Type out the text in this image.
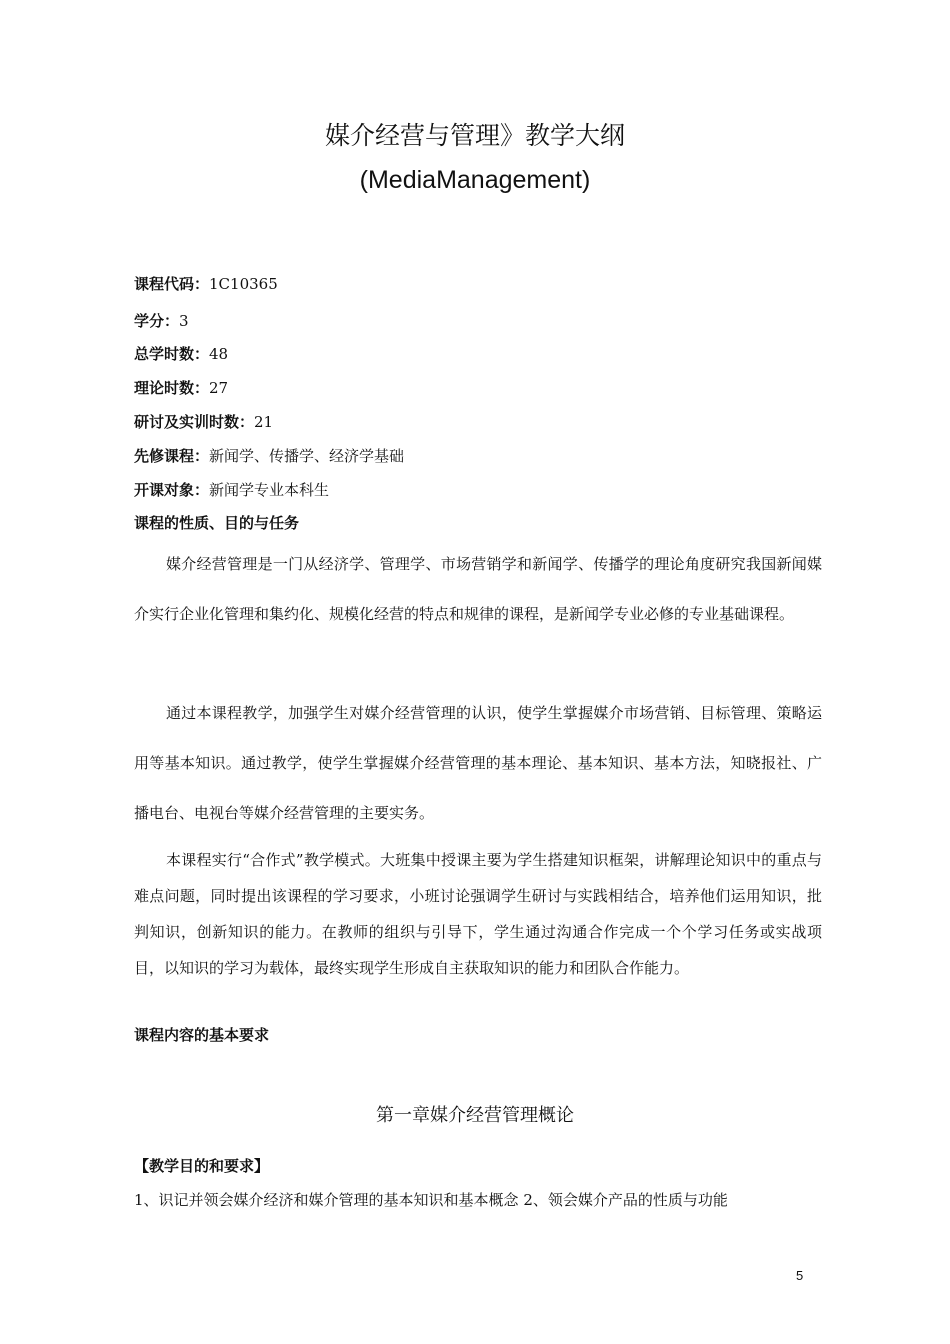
媒介经营与管理》教学大纲
(MediaManagement)
课程代码：1C10365
学分：3
总学时数：48
理论时数：27
研讨及实训时数：21
先修课程：新闻学、传播学、经济学基础
开课对象：新闻学专业本科生
课程的性质、目的与任务

媒介经营管理是一门从经济学、管理学、市场营销学和新闻学、传播学的理论角度研究我国新闻媒介实行企业化管理和集约化、规模化经营的特点和规律的课程，是新闻学专业必修的专业基础课程。

通过本课程教学，加强学生对媒介经营管理的认识，使学生掌握媒介市场营销、目标管理、策略运用等基本知识。通过教学，使学生掌握媒介经营管理的基本理论、基本知识、基本方法，知晓报社、广播电台、电视台等媒介经营管理的主要实务。

本课程实行“合作式”教学模式。大班集中授课主要为学生搭建知识框架，讲解理论知识中的重点与难点问题，同时提出该课程的学习要求，小班讨论强调学生研讨与实践相结合，培养他们运用知识，批判知识，创新知识的能力。在教师的组织与引导下，学生通过沟通合作完成一个个学习任务或实战项目，以知识的学习为载体，最终实现学生形成自主获取知识的能力和团队合作能力。

课程内容的基本要求
第一章媒介经营管理概论
【教学目的和要求】
1、识记并领会媒介经济和媒介管理的基本知识和基本概念 2、领会媒介产品的性质与功能
5
